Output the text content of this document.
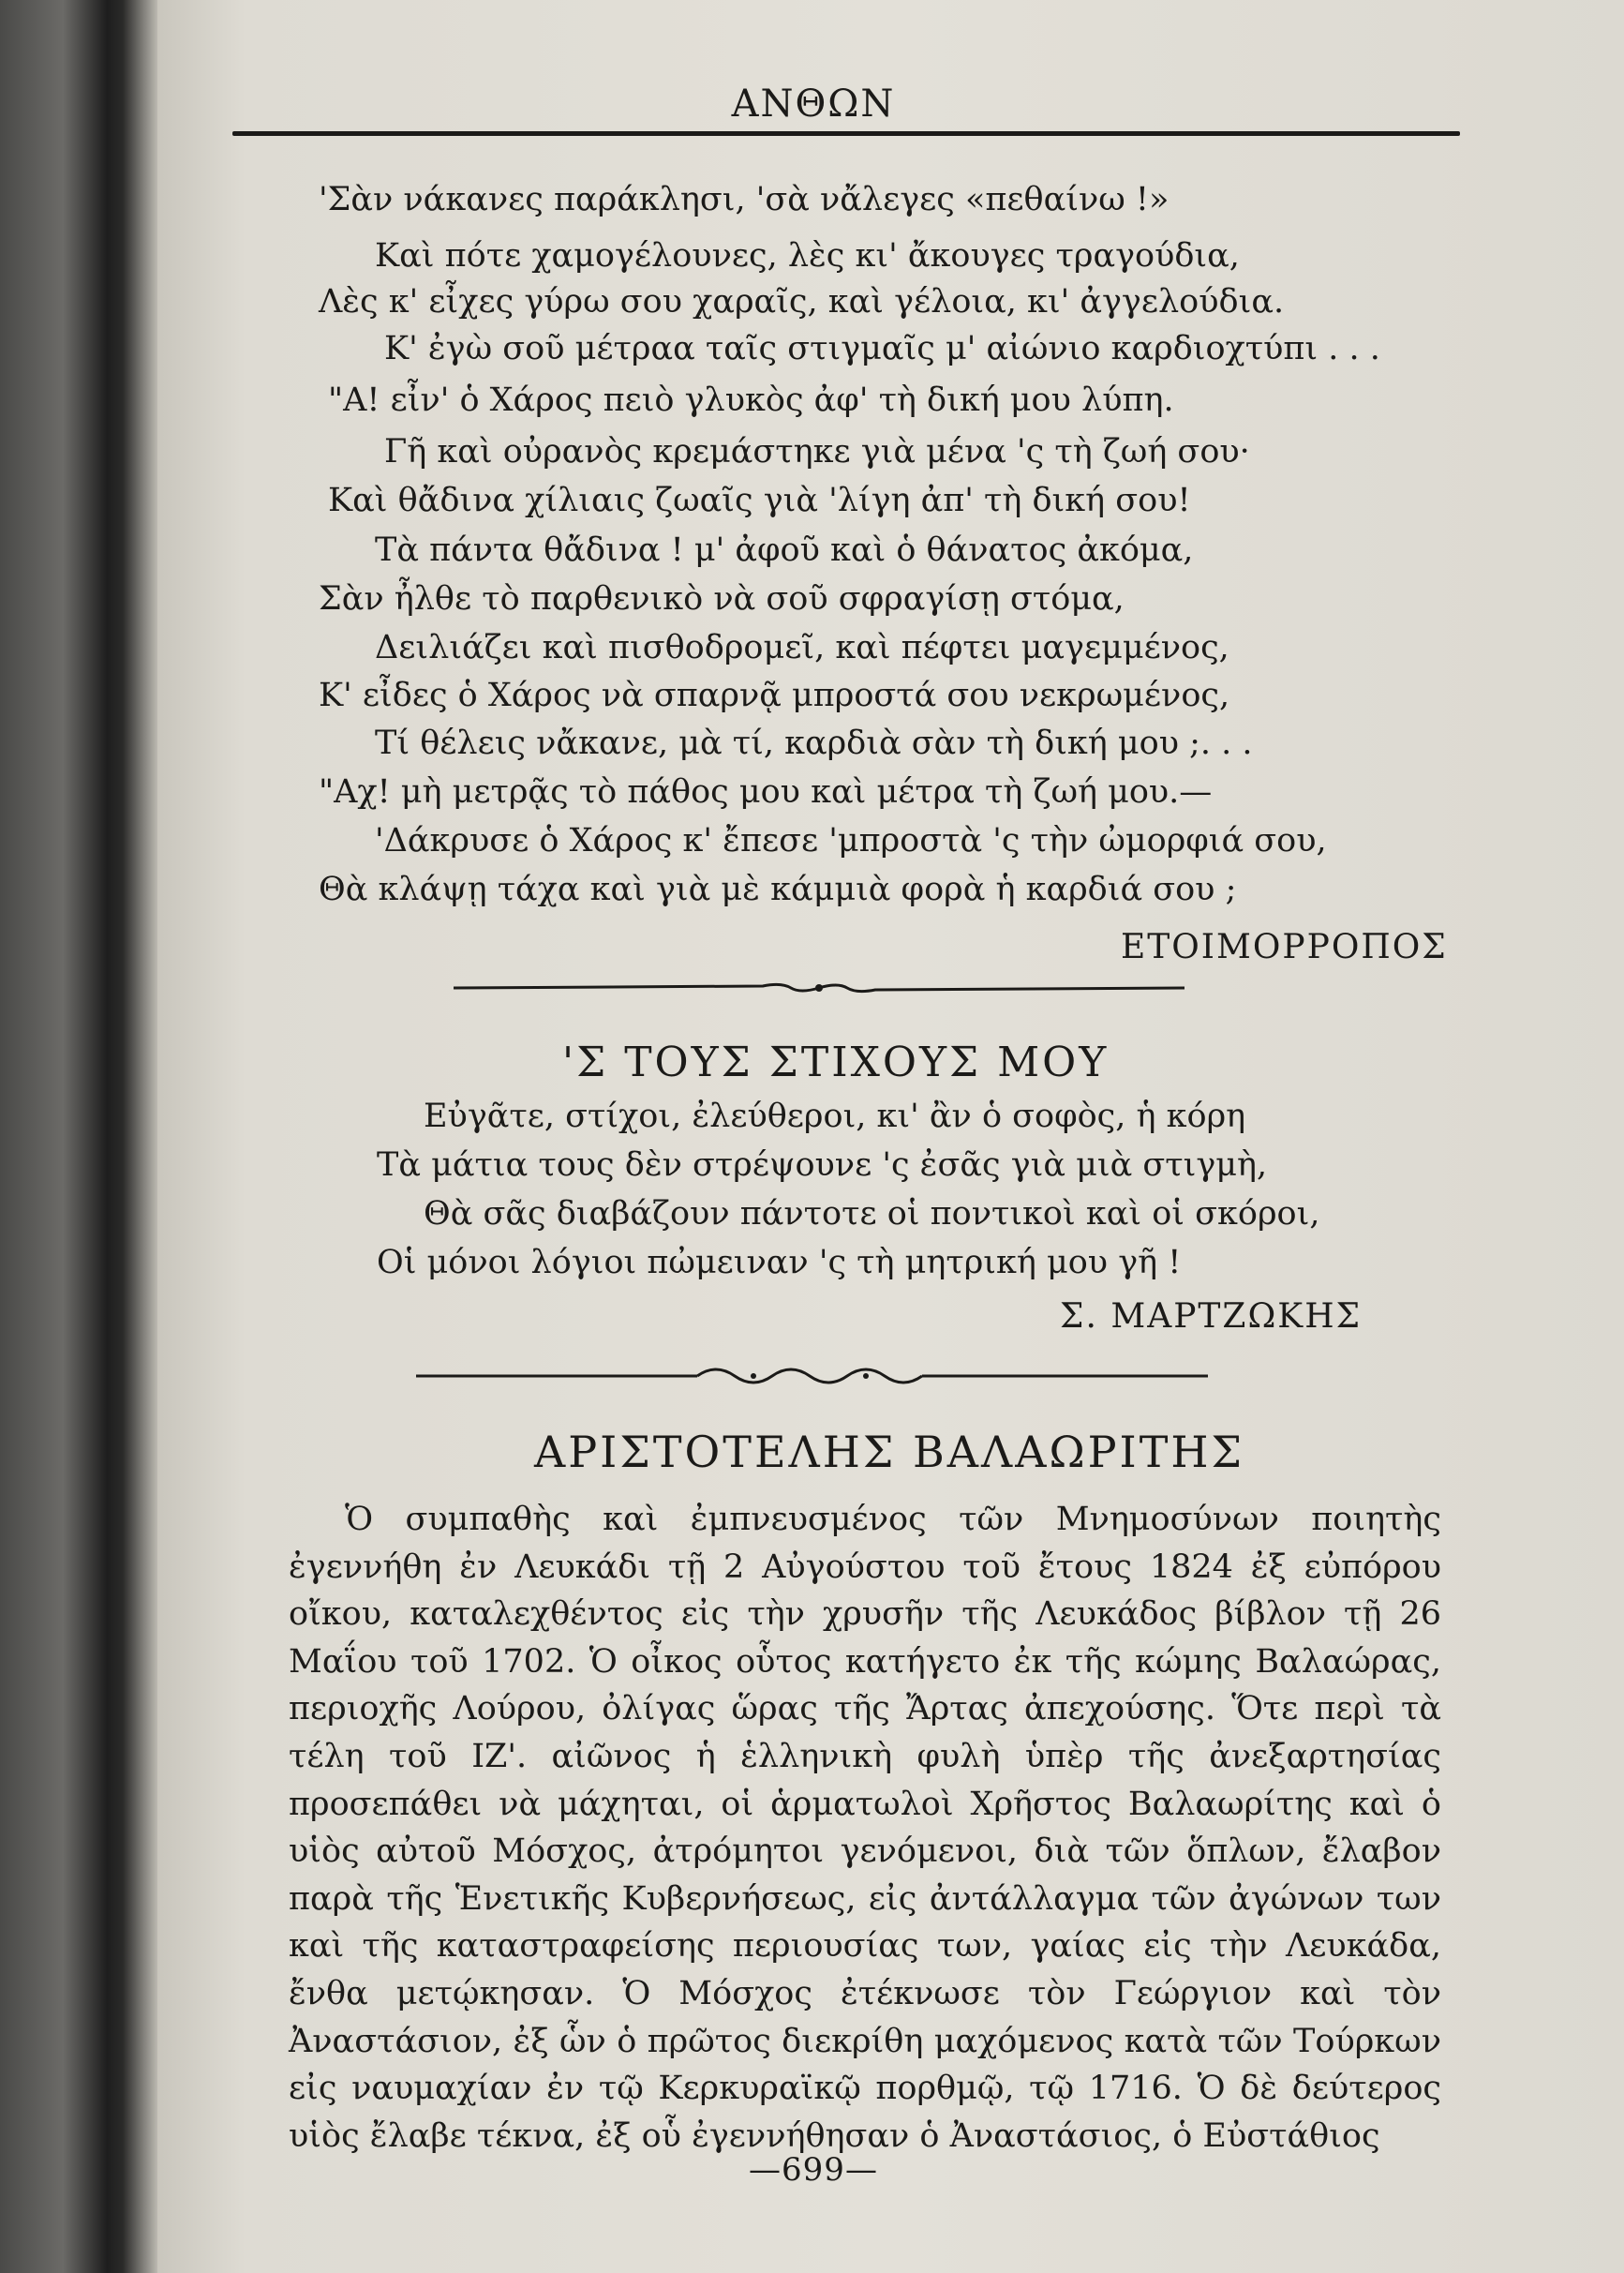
ΑΝΘΩΝ
'Σὰν νάκανες παράκλησι, 'σὰ νἄλεγες «πεθαίνω !»
Καὶ πότε χαμογέλουνες, λὲς κι' ἄκουγες τραγούδια,
Λὲς κ' εἶχες γύρω σου χαραῖς, καὶ γέλοια, κι' ἀγγελούδια.
Κ' ἐγὼ σοῦ μέτραα ταῖς στιγμαῖς μ' αἰώνιο καρδιοχτύπι . . .
"Α! εἶν' ὁ Χάρος πειὸ γλυκὸς ἀφ' τὴ δική μου λύπη.
Γῆ καὶ οὐρανὸς κρεμάστηκε γιὰ μένα 'ς τὴ ζωή σου·
Καὶ θἄδινα χίλιαις ζωαῖς γιὰ 'λίγη ἀπ' τὴ δική σου!
Τὰ πάντα θἄδινα ! μ' ἀφοῦ καὶ ὁ θάνατος ἀκόμα,
Σὰν ἦλθε τὸ παρθενικὸ νὰ σοῦ σφραγίσῃ στόμα,
Δειλιάζει καὶ πισθοδρομεῖ, καὶ πέφτει μαγεμμένος,
Κ' εἶδες ὁ Χάρος νὰ σπαρνᾷ μπροστά σου νεκρωμένος,
Τί θέλεις νἄκανε, μὰ τί, καρδιὰ σὰν τὴ δική μου ;. . .
"Αχ! μὴ μετρᾷς τὸ πάθος μου καὶ μέτρα τὴ ζωή μου.—
'Δάκρυσε ὁ Χάρος κ' ἔπεσε 'μπροστὰ 'ς τὴν ὠμορφιά σου,
Θὰ κλάψῃ τάχα καὶ γιὰ μὲ κάμμιὰ φορὰ ἡ καρδιά σου ;
ΕΤΟΙΜΟΡΡΟΠΟΣ
'Σ ΤΟΥΣ ΣΤΙΧΟΥΣ ΜΟΥ
Εὐγᾶτε, στίχοι, ἐλεύθεροι, κι' ἂν ὁ σοφὸς, ἡ κόρη
Τὰ μάτια τους δὲν στρέψουνε 'ς ἐσᾶς γιὰ μιὰ στιγμὴ,
Θὰ σᾶς διαβάζουν πάντοτε οἱ ποντικοὶ καὶ οἱ σκόροι,
Οἱ μόνοι λόγιοι πὠμειναν 'ς τὴ μητρική μου γῆ !
Σ. ΜΑΡΤΖΩΚΗΣ
ΑΡΙΣΤΟΤΕΛΗΣ ΒΑΛΑΩΡΙΤΗΣ

Ὁ συμπαθὴς καὶ ἐμπνευσμένος τῶν Μνημοσύνων ποιητὴς ἐγεννήθη ἐν Λευκάδι τῇ 2 Αὐγούστου τοῦ ἔτους 1824 ἐξ εὐπόρου οἴκου, καταλεχθέντος εἰς τὴν χρυσῆν τῆς Λευκάδος βίβλον τῇ 26 Μαΐου τοῦ 1702. Ὁ οἶκος οὗτος κατήγετο ἐκ τῆς κώμης Βαλαώρας, περιοχῆς Λούρου, ὀλίγας ὥρας τῆς Ἄρτας ἀπεχούσης. Ὅτε περὶ τὰ τέλη τοῦ ΙΖ'. αἰῶνος ἡ ἑλληνικὴ φυλὴ ὑπὲρ τῆς ἀνεξαρτησίας προσεπάθει νὰ μάχηται, οἱ ἁρματωλοὶ Χρῆστος Βαλαωρίτης καὶ ὁ υἱὸς αὐτοῦ Μόσχος, ἀτρόμητοι γενόμενοι, διὰ τῶν ὅπλων, ἔλαβον παρὰ τῆς Ἑνετικῆς Κυβερνήσεως, εἰς ἀντάλλαγμα τῶν ἀγώνων των καὶ τῆς καταστραφείσης περιουσίας των, γαίας εἰς τὴν Λευκάδα, ἔνθα μετῴκησαν. Ὁ Μόσχος ἐτέκνωσε τὸν Γεώργιον καὶ τὸν Ἀναστάσιον, ἐξ ὧν ὁ πρῶτος διεκρίθη μαχόμενος κατὰ τῶν Τούρκων εἰς ναυμαχίαν ἐν τῷ Κερκυραϊκῷ πορθμῷ, τῷ 1716. Ὁ δὲ δεύτερος υἱὸς ἔλαβε τέκνα, ἐξ οὗ ἐγεννήθησαν ὁ Ἀναστάσιος, ὁ Εὐστάθιος

—699—
